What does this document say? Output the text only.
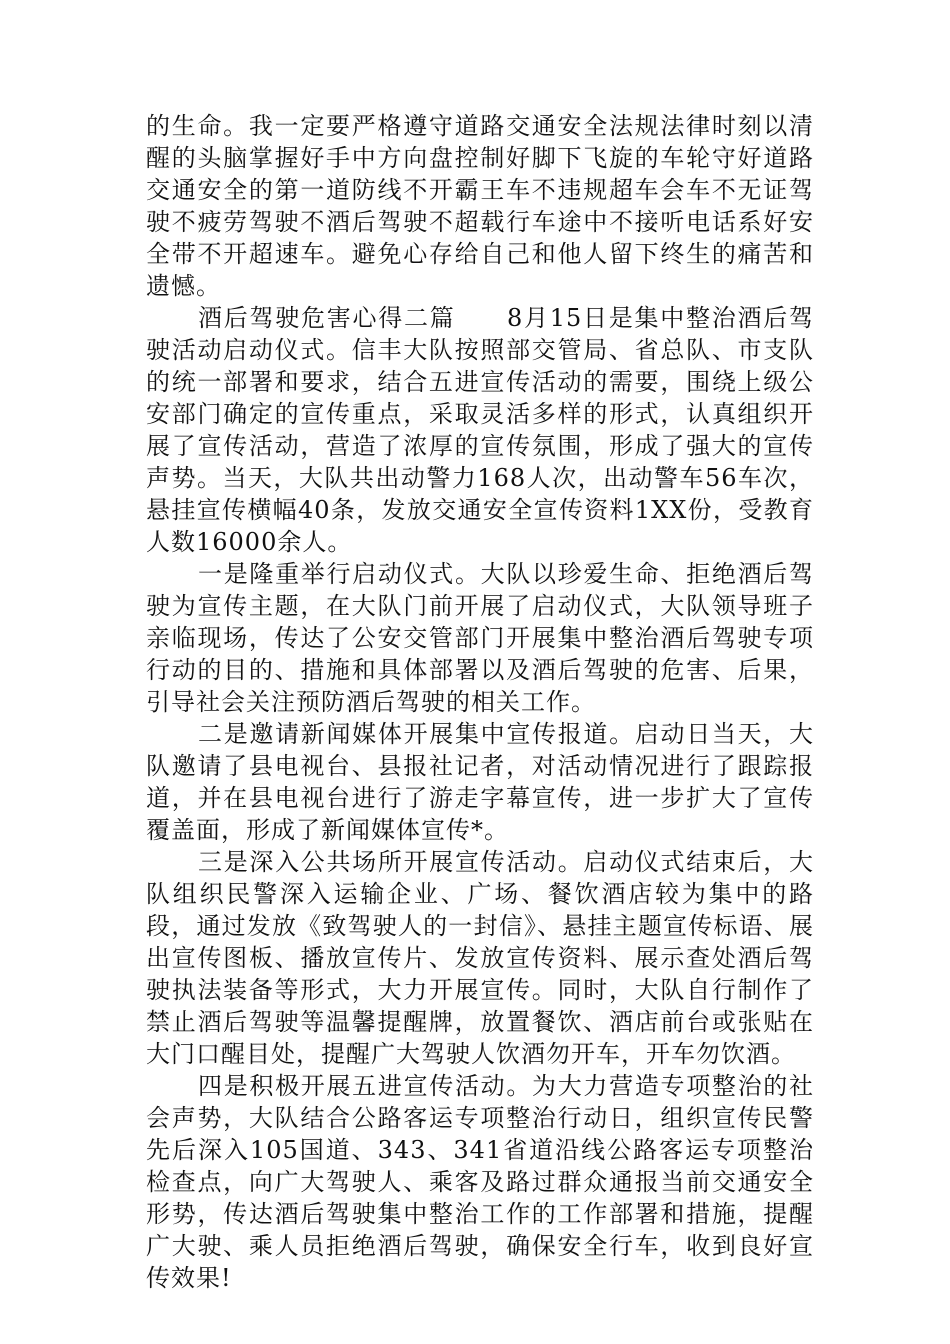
的生命。我一定要严格遵守道路交通安全法规法律时刻以清醒的头脑掌握好手中方向盘控制好脚下飞旋的车轮守好道路交通安全的第一道防线不开霸王车不违规超车会车不无证驾驶不疲劳驾驶不酒后驾驶不超载行车途中不接听电话系好安全带不开超速车。避免心存给自己和他人留下终生的痛苦和遗憾。

酒后驾驶危害心得二篇　　8月15日是集中整治酒后驾驶活动启动仪式。信丰大队按照部交管局、省总队、市支队的统一部署和要求，结合五进宣传活动的需要，围绕上级公安部门确定的宣传重点，采取灵活多样的形式，认真组织开展了宣传活动，营造了浓厚的宣传氛围，形成了强大的宣传声势。当天，大队共出动警力168人次，出动警车56车次，悬挂宣传横幅40条，发放交通安全宣传资料1XX份，受教育人数16000余人。

一是隆重举行启动仪式。大队以珍爱生命、拒绝酒后驾驶为宣传主题，在大队门前开展了启动仪式，大队领导班子亲临现场，传达了公安交管部门开展集中整治酒后驾驶专项行动的目的、措施和具体部署以及酒后驾驶的危害、后果，引导社会关注预防酒后驾驶的相关工作。

二是邀请新闻媒体开展集中宣传报道。启动日当天，大队邀请了县电视台、县报社记者，对活动情况进行了跟踪报道，并在县电视台进行了游走字幕宣传，进一步扩大了宣传覆盖面，形成了新闻媒体宣传*。

三是深入公共场所开展宣传活动。启动仪式结束后，大队组织民警深入运输企业、广场、餐饮酒店较为集中的路段，通过发放《致驾驶人的一封信》、悬挂主题宣传标语、展出宣传图板、播放宣传片、发放宣传资料、展示查处酒后驾驶执法装备等形式，大力开展宣传。同时，大队自行制作了禁止酒后驾驶等温馨提醒牌，放置餐饮、酒店前台或张贴在大门口醒目处，提醒广大驾驶人饮酒勿开车，开车勿饮酒。

四是积极开展五进宣传活动。为大力营造专项整治的社会声势，大队结合公路客运专项整治行动日，组织宣传民警先后深入105国道、343、341省道沿线公路客运专项整治检查点，向广大驾驶人、乘客及路过群众通报当前交通安全形势，传达酒后驾驶集中整治工作的工作部署和措施，提醒广大驶、乘人员拒绝酒后驾驶，确保安全行车，收到良好宣传效果!
